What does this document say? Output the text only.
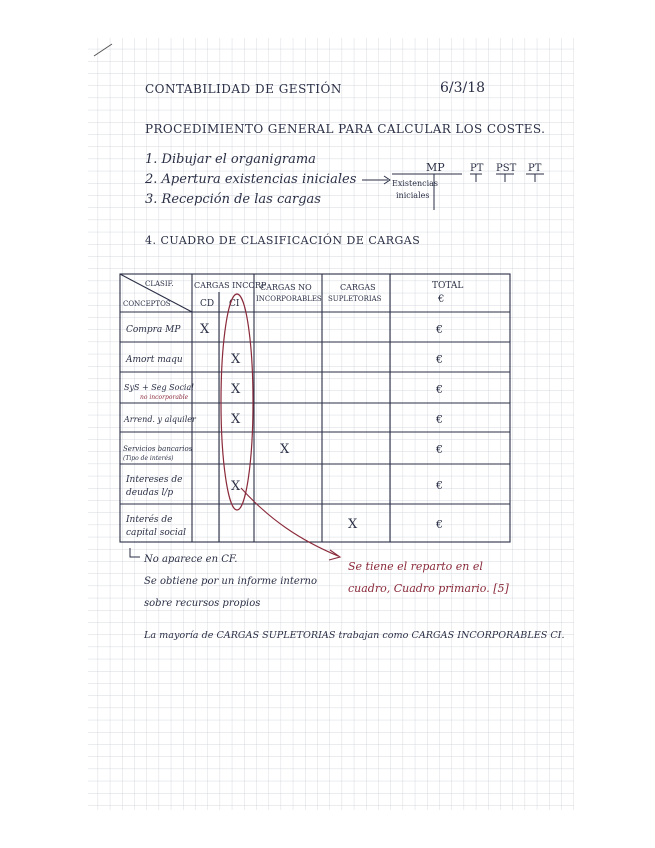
CONTABILIDAD DE GESTIÓN	6/3/18
PROCEDIMIENTO GENERAL PARA CALCULAR LOS COSTES.
1. Dibujar el organigrama
2. Apertura existencias iniciales
3. Recepción de las cargas
Existencias
iniciales
MP	PT PST PT
4. CUADRO DE CLASIFICACIÓN DE CARGAS
CLASIF.
CONCEPTOS
CARGAS INCORP
CD CI
CARGAS NO
INCORPORABLES
CARGAS
SUPLETORIAS
TOTAL
€
Compra MP
Amort maqu
SyS + Seg Social
no incorporable
Arrend. y alquiler
Servicios bancarios
(Tipo de interés)
Intereses de
deudas l/p
Interés de
capital social
X
X
X
X
X
X
X
€
€
€
€
€
€
€
No aparece en CF.
Se obtiene por un informe interno
sobre recursos propios
Se tiene el reparto en el
cuadro, Cuadro primario. [5]
La mayoría de CARGAS SUPLETORIAS trabajan como CARGAS INCORPORABLES CI.
